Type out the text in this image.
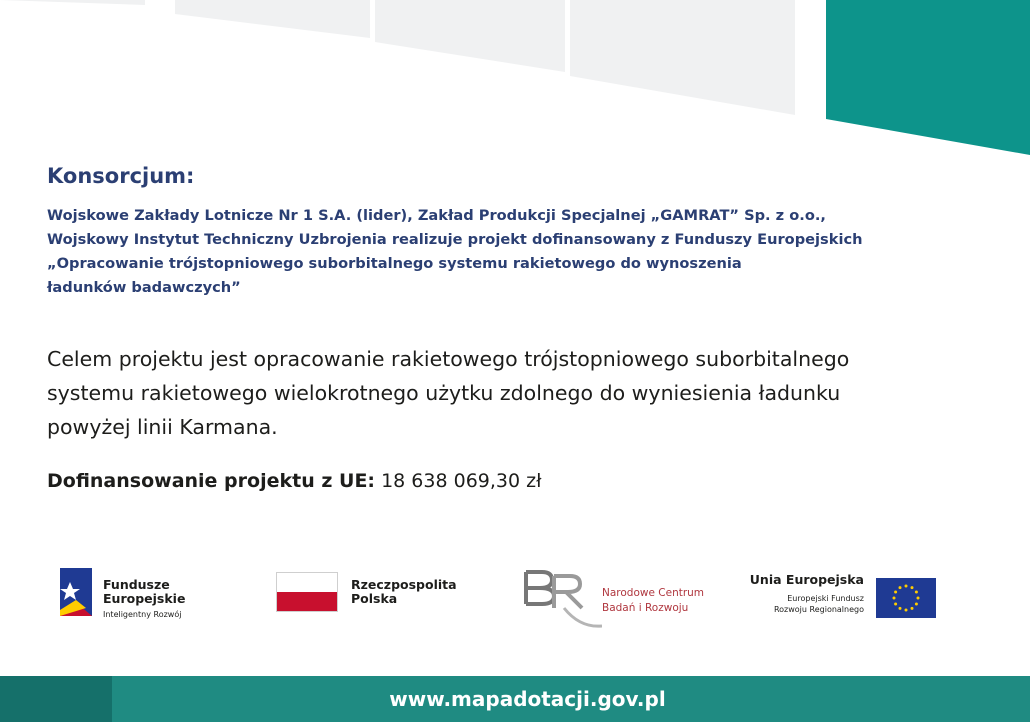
Konsorcjum:

Wojskowe Zakłady Lotnicze Nr 1 S.A. (lider), Zakład Produkcji Specjalnej „GAMRAT” Sp. z o.o.,
Wojskowy Instytut Techniczny Uzbrojenia realizuje projekt dofinansowany z Funduszy Europejskich
„Opracowanie trójstopniowego suborbitalnego systemu rakietowego do wynoszenia
ładunków badawczych”

Celem projektu jest opracowanie rakietowego trójstopniowego suborbitalnego
systemu rakietowego wielokrotnego użytku zdolnego do wyniesienia ładunku
powyżej linii Karmana.

Dofinansowanie projektu z UE: 18 638 069,30 zł

Fundusze
Europejskie
Inteligentny Rozwój
Rzeczpospolita
Polska	Narodowe Centrum
Badań i Rozwoju
Unia Europejska
Europejski Fundusz
Rozwoju Regionalnego
www.mapadotacji.gov.pl
